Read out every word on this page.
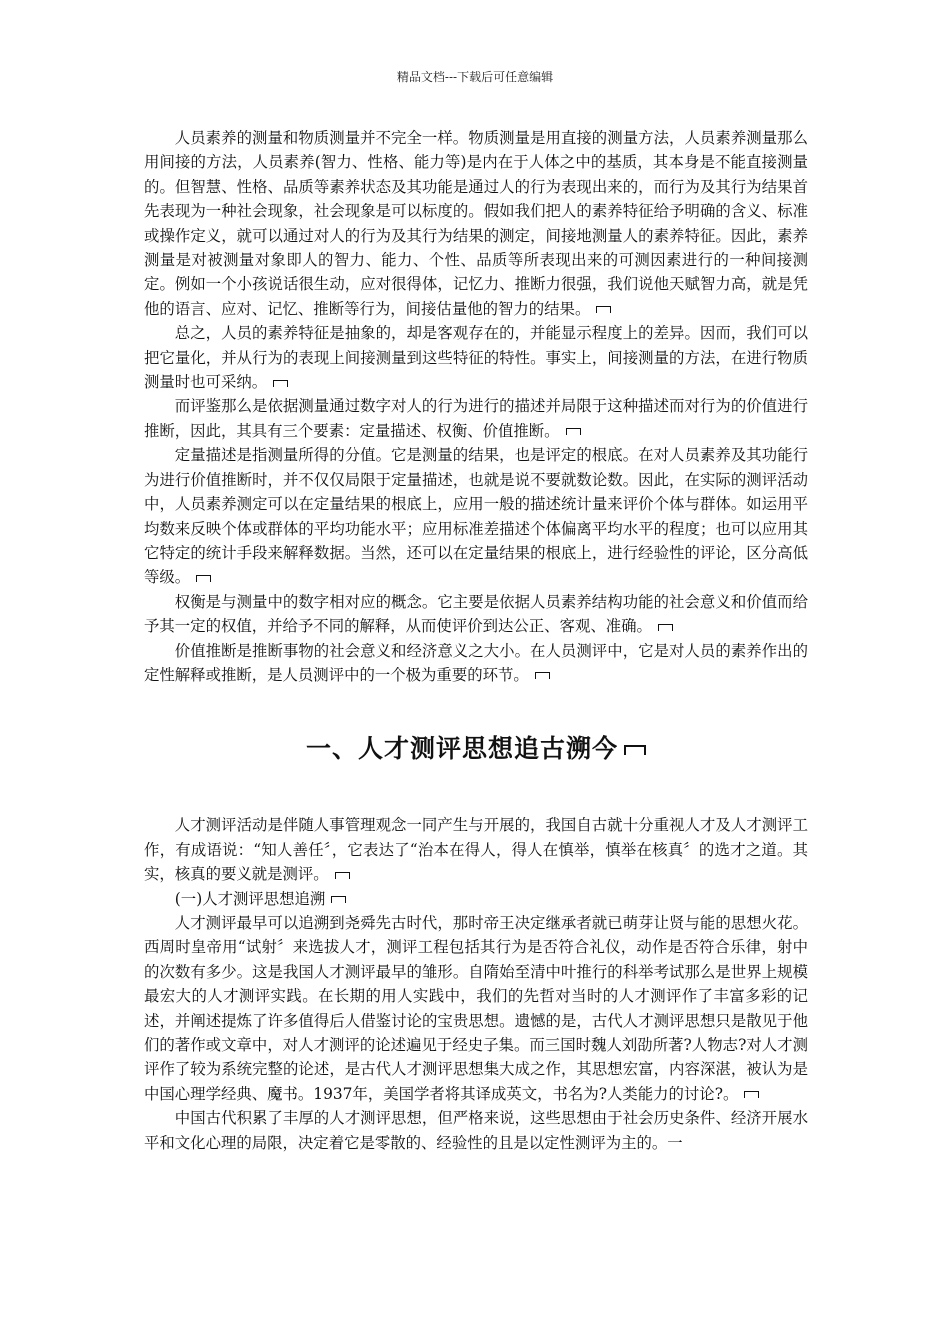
精品文档---下载后可任意编辑

人员素养的测量和物质测量并不完全一样。物质测量是用直接的测量方法，人员素养测量那么用间接的方法，人员素养(智力、性格、能力等)是内在于人体之中的基质，其本身是不能直接测量的。但智慧、性格、品质等素养状态及其功能是通过人的行为表现出来的，而行为及其行为结果首先表现为一种社会现象，社会现象是可以标度的。假如我们把人的素养特征给予明确的含义、标准或操作定义，就可以通过对人的行为及其行为结果的测定，间接地测量人的素养特征。因此，素养测量是对被测量对象即人的智力、能力、个性、品质等所表现出来的可测因素进行的一种间接测定。例如一个小孩说话很生动，应对很得体，记忆力、推断力很强，我们说他天赋智力高，就是凭他的语言、应对、记忆、推断等行为，间接估量他的智力的结果。

总之，人员的素养特征是抽象的，却是客观存在的，并能显示程度上的差异。因而，我们可以把它量化，并从行为的表现上间接测量到这些特征的特性。事实上，间接测量的方法，在进行物质测量时也可采纳。

而评鉴那么是依据测量通过数字对人的行为进行的描述并局限于这种描述而对行为的价值进行推断，因此，其具有三个要素：定量描述、权衡、价值推断。

定量描述是指测量所得的分值。它是测量的结果，也是评定的根底。在对人员素养及其功能行为进行价值推断时，并不仅仅局限于定量描述，也就是说不要就数论数。因此，在实际的测评活动中，人员素养测定可以在定量结果的根底上，应用一般的描述统计量来评价个体与群体。如运用平均数来反映个体或群体的平均功能水平；应用标准差描述个体偏离平均水平的程度；也可以应用其它特定的统计手段来解释数据。当然，还可以在定量结果的根底上，进行经验性的评论，区分高低等级。

权衡是与测量中的数字相对应的概念。它主要是依据人员素养结构功能的社会意义和价值而给予其一定的权值，并给予不同的解释，从而使评价到达公正、客观、准确。

价值推断是推断事物的社会意义和经济意义之大小。在人员测评中，它是对人员的素养作出的定性解释或推断，是人员测评中的一个极为重要的环节。

一、人才测评思想追古溯今

人才测评活动是伴随人事管理观念一同产生与开展的，我国自古就十分重视人才及人才测评工作，有成语说：“知人善任〞，它表达了“治本在得人，得人在慎举，慎举在核真〞的选才之道。其实，核真的要义就是测评。

(一)人才测评思想追溯

人才测评最早可以追溯到尧舜先古时代，那时帝王决定继承者就已萌芽让贤与能的思想火花。西周时皇帝用“试射〞来选拔人才，测评工程包括其行为是否符合礼仪，动作是否符合乐律，射中的次数有多少。这是我国人才测评最早的雏形。自隋始至清中叶推行的科举考试那么是世界上规模最宏大的人才测评实践。在长期的用人实践中，我们的先哲对当时的人才测评作了丰富多彩的记述，并阐述提炼了许多值得后人借鉴讨论的宝贵思想。遗憾的是，古代人才测评思想只是散见于他们的著作或文章中，对人才测评的论述遍见于经史子集。而三国时魏人刘劭所著?人物志?对人才测评作了较为系统完整的论述，是古代人才测评思想集大成之作，其思想宏富，内容深湛，被认为是中国心理学经典、魔书。1937年，美国学者将其译成英文，书名为?人类能力的讨论?。

中国古代积累了丰厚的人才测评思想，但严格来说，这些思想由于社会历史条件、经济开展水平和文化心理的局限，决定着它是零散的、经验性的且是以定性测评为主的。一
